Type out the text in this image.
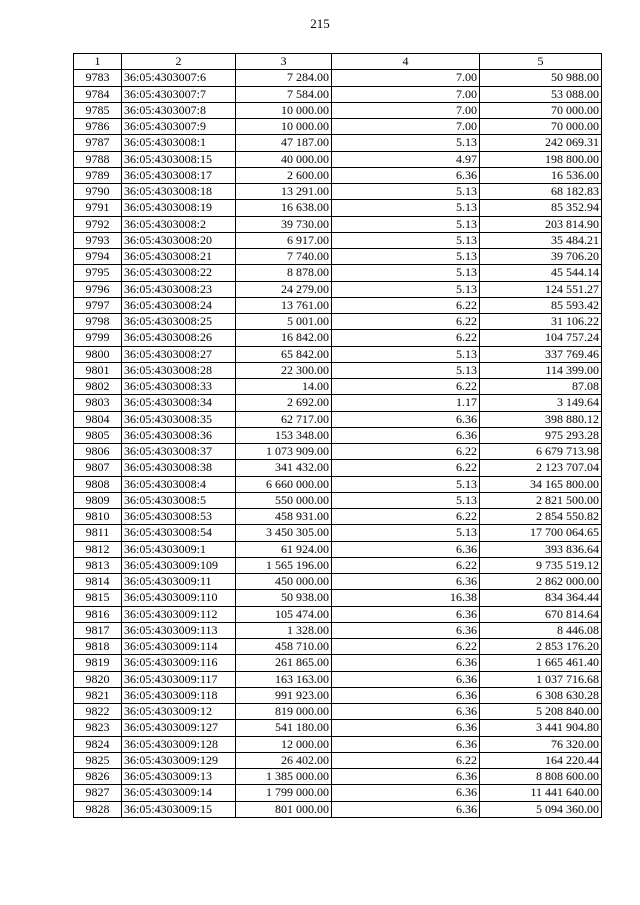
215
1	2	3	4	5
9783	36:05:4303007:6	7 284.00	7.00	50 988.00
9784	36:05:4303007:7	7 584.00	7.00	53 088.00
9785	36:05:4303007:8	10 000.00	7.00	70 000.00
9786	36:05:4303007:9	10 000.00	7.00	70 000.00
9787	36:05:4303008:1	47 187.00	5.13	242 069.31
9788	36:05:4303008:15	40 000.00	4.97	198 800.00
9789	36:05:4303008:17	2 600.00	6.36	16 536.00
9790	36:05:4303008:18	13 291.00	5.13	68 182.83
9791	36:05:4303008:19	16 638.00	5.13	85 352.94
9792	36:05:4303008:2	39 730.00	5.13	203 814.90
9793	36:05:4303008:20	6 917.00	5.13	35 484.21
9794	36:05:4303008:21	7 740.00	5.13	39 706.20
9795	36:05:4303008:22	8 878.00	5.13	45 544.14
9796	36:05:4303008:23	24 279.00	5.13	124 551.27
9797	36:05:4303008:24	13 761.00	6.22	85 593.42
9798	36:05:4303008:25	5 001.00	6.22	31 106.22
9799	36:05:4303008:26	16 842.00	6.22	104 757.24
9800	36:05:4303008:27	65 842.00	5.13	337 769.46
9801	36:05:4303008:28	22 300.00	5.13	114 399.00
9802	36:05:4303008:33	14.00	6.22	87.08
9803	36:05:4303008:34	2 692.00	1.17	3 149.64
9804	36:05:4303008:35	62 717.00	6.36	398 880.12
9805	36:05:4303008:36	153 348.00	6.36	975 293.28
9806	36:05:4303008:37	1 073 909.00	6.22	6 679 713.98
9807	36:05:4303008:38	341 432.00	6.22	2 123 707.04
9808	36:05:4303008:4	6 660 000.00	5.13	34 165 800.00
9809	36:05:4303008:5	550 000.00	5.13	2 821 500.00
9810	36:05:4303008:53	458 931.00	6.22	2 854 550.82
9811	36:05:4303008:54	3 450 305.00	5.13	17 700 064.65
9812	36:05:4303009:1	61 924.00	6.36	393 836.64
9813	36:05:4303009:109	1 565 196.00	6.22	9 735 519.12
9814	36:05:4303009:11	450 000.00	6.36	2 862 000.00
9815	36:05:4303009:110	50 938.00	16.38	834 364.44
9816	36:05:4303009:112	105 474.00	6.36	670 814.64
9817	36:05:4303009:113	1 328.00	6.36	8 446.08
9818	36:05:4303009:114	458 710.00	6.22	2 853 176.20
9819	36:05:4303009:116	261 865.00	6.36	1 665 461.40
9820	36:05:4303009:117	163 163.00	6.36	1 037 716.68
9821	36:05:4303009:118	991 923.00	6.36	6 308 630.28
9822	36:05:4303009:12	819 000.00	6.36	5 208 840.00
9823	36:05:4303009:127	541 180.00	6.36	3 441 904.80
9824	36:05:4303009:128	12 000.00	6.36	76 320.00
9825	36:05:4303009:129	26 402.00	6.22	164 220.44
9826	36:05:4303009:13	1 385 000.00	6.36	8 808 600.00
9827	36:05:4303009:14	1 799 000.00	6.36	11 441 640.00
9828	36:05:4303009:15	801 000.00	6.36	5 094 360.00
